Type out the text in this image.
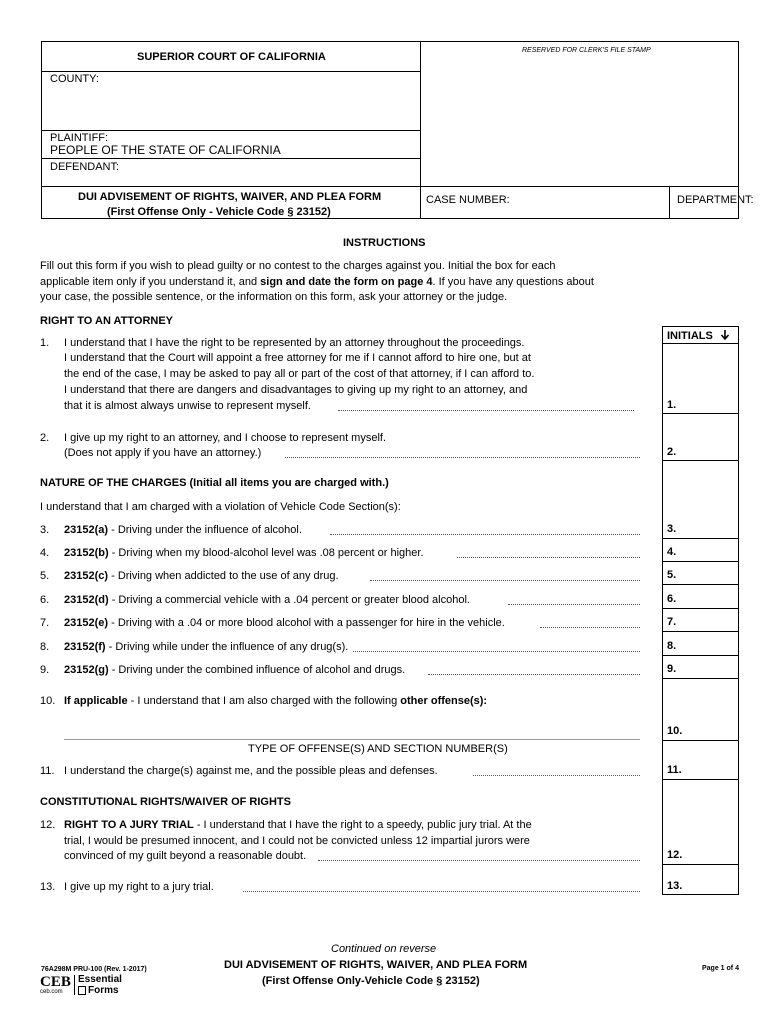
SUPERIOR COURT OF CALIFORNIA
RESERVED FOR CLERK'S FILE STAMP
COUNTY:
PLAINTIFF:
PEOPLE OF THE STATE OF CALIFORNIA
DEFENDANT:
DUI ADVISEMENT OF RIGHTS, WAIVER, AND PLEA FORM
(First Offense Only - Vehicle Code § 23152)
CASE NUMBER:	DEPARTMENT:
INSTRUCTIONS
Fill out this form if you wish to plead guilty or no contest to the charges against you. Initial the box for each
applicable item only if you understand it, and sign and date the form on page 4. If you have any questions about
your case, the possible sentence, or the information on this form, ask your attorney or the judge.
RIGHT TO AN ATTORNEY
INITIALS
1. I understand that I have the right to be represented by an attorney throughout the proceedings.
I understand that the Court will appoint a free attorney for me if I cannot afford to hire one, but at
the end of the case, I may be asked to pay all or part of the cost of that attorney, if I can afford to.
I understand that there are dangers and disadvantages to giving up my right to an attorney, and
that it is almost always unwise to represent myself.	1.
2. I give up my right to an attorney, and I choose to represent myself.
(Does not apply if you have an attorney.)	2.
NATURE OF THE CHARGES (Initial all items you are charged with.)
I understand that I am charged with a violation of Vehicle Code Section(s):
3. 23152(a) - Driving under the influence of alcohol.	3.
4. 23152(b) - Driving when my blood-alcohol level was .08 percent or higher.	4.
5. 23152(c) - Driving when addicted to the use of any drug.	5.
6. 23152(d) - Driving a commercial vehicle with a .04 percent or greater blood alcohol.	6.
7. 23152(e) - Driving with a .04 or more blood alcohol with a passenger for hire in the vehicle.	7.
8. 23152(f) - Driving while under the influence of any drug(s).	8.
9. 23152(g) - Driving under the combined influence of alcohol and drugs.	9.
10. If applicable - I understand that I am also charged with the following other offense(s):
TYPE OF OFFENSE(S) AND SECTION NUMBER(S)
10.
11. I understand the charge(s) against me, and the possible pleas and defenses.	11.
CONSTITUTIONAL RIGHTS/WAIVER OF RIGHTS
12. RIGHT TO A JURY TRIAL - I understand that I have the right to a speedy, public jury trial. At the
trial, I would be presumed innocent, and I could not be convicted unless 12 impartial jurors were
convinced of my guilt beyond a reasonable doubt.	12.
13. I give up my right to a jury trial.	13.
Continued on reverse
76A298M PRU-100 (Rev. 1-2017)	DUI ADVISEMENT OF RIGHTS, WAIVER, AND PLEA FORM
(First Offense Only-Vehicle Code § 23152)
Page 1 of 4
CEB
ceb.com
Essential
Forms
